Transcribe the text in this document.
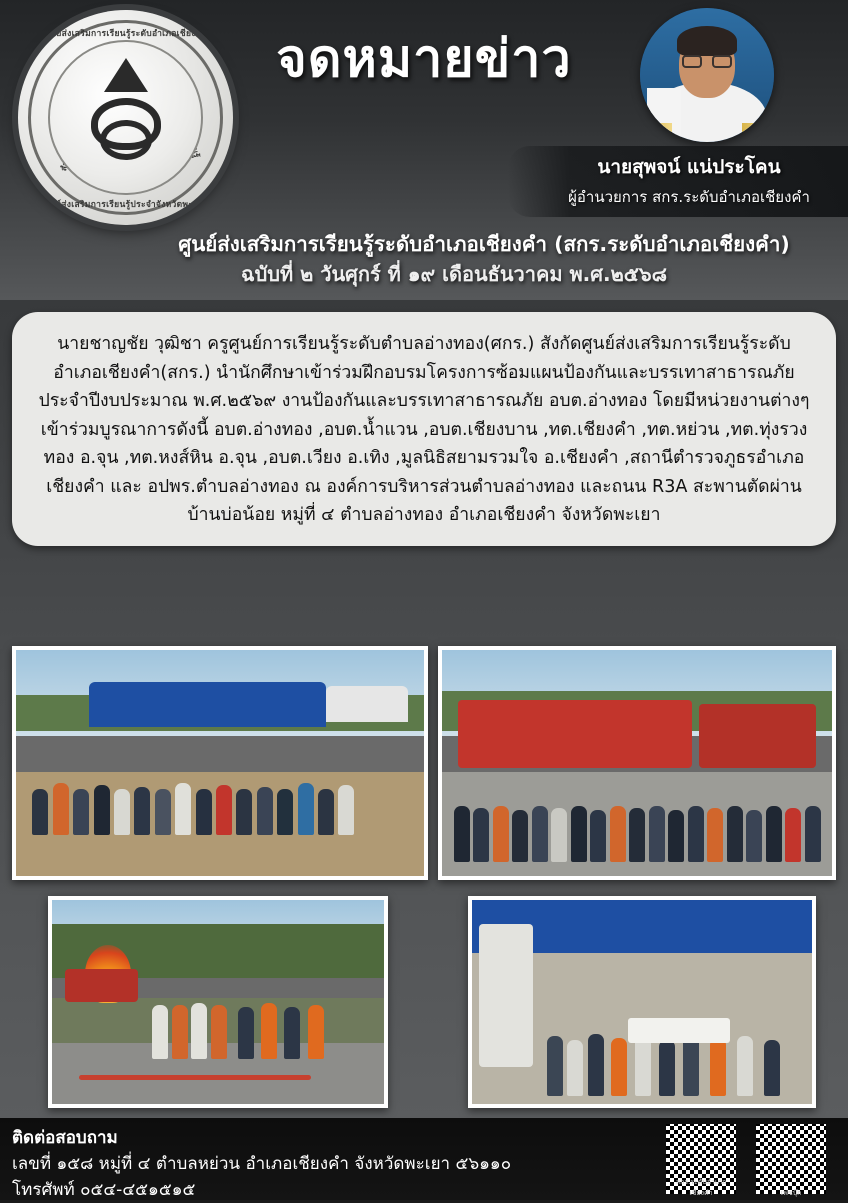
ศูนย์ส่งเสริมการเรียนรู้ระดับอำเภอเชียงคำ
ศูนย์ส่งเสริมการเรียนรู้ประจำจังหวัดพะเยา
จดหมายข่าว
นายสุพจน์ แน่ประโคน
ผู้อำนวยการ สกร.ระดับอำเภอเชียงคำ
ศูนย์ส่งเสริมการเรียนรู้ระดับอำเภอเชียงคำ (สกร.ระดับอำเภอเชียงคำ)
ฉบับที่ ๒ วันศุกร์ ที่ ๑๙ เดือนธันวาคม พ.ศ.๒๕๖๘

นายชาญชัย วุฒิชา ครูศูนย์การเรียนรู้ระดับตำบลอ่างทอง(ศกร.) สังกัดศูนย์ส่งเสริมการเรียนรู้ระดับอำเภอเชียงคำ(สกร.) นำนักศึกษาเข้าร่วมฝึกอบรมโครงการซ้อมแผนป้องกันและบรรเทาสาธารณภัย ประจำปีงบประมาณ พ.ศ.๒๕๖๙ งานป้องกันและบรรเทาสาธารณภัย อบต.อ่างทอง โดยมีหน่วยงานต่างๆเข้าร่วมบูรณาการดังนี้ อบต.อ่างทอง ,อบต.น้ำแวน ,อบต.เชียงบาน ,ทต.เชียงคำ ,ทต.หย่วน ,ทต.ทุ่งรวงทอง อ.จุน ,ทต.หงส์หิน อ.จุน ,อบต.เวียง อ.เทิง ,มูลนิธิสยามรวมใจ อ.เชียงคำ ,สถานีตำรวจภูธรอำเภอเชียงคำ และ อปพร.ตำบลอ่างทอง ณ องค์การบริหารส่วนตำบลอ่างทอง และถนน R3A สะพานตัดผ่านบ้านบ่อน้อย หมู่ที่ ๔ ตำบลอ่างทอง อำเภอเชียงคำ จังหวัดพะเยา

ติดต่อสอบถาม
เลขที่ ๑๕๘ หมู่ที่ ๔ ตำบลหย่วน อำเภอเชียงคำ จังหวัดพะเยา ๕๖๑๑๐
โทรศัพท์ ๐๕๔-๔๕๑๕๑๕	สกร.ระดับอำเภอเชียงคำ	เฟซบุ๊ก
